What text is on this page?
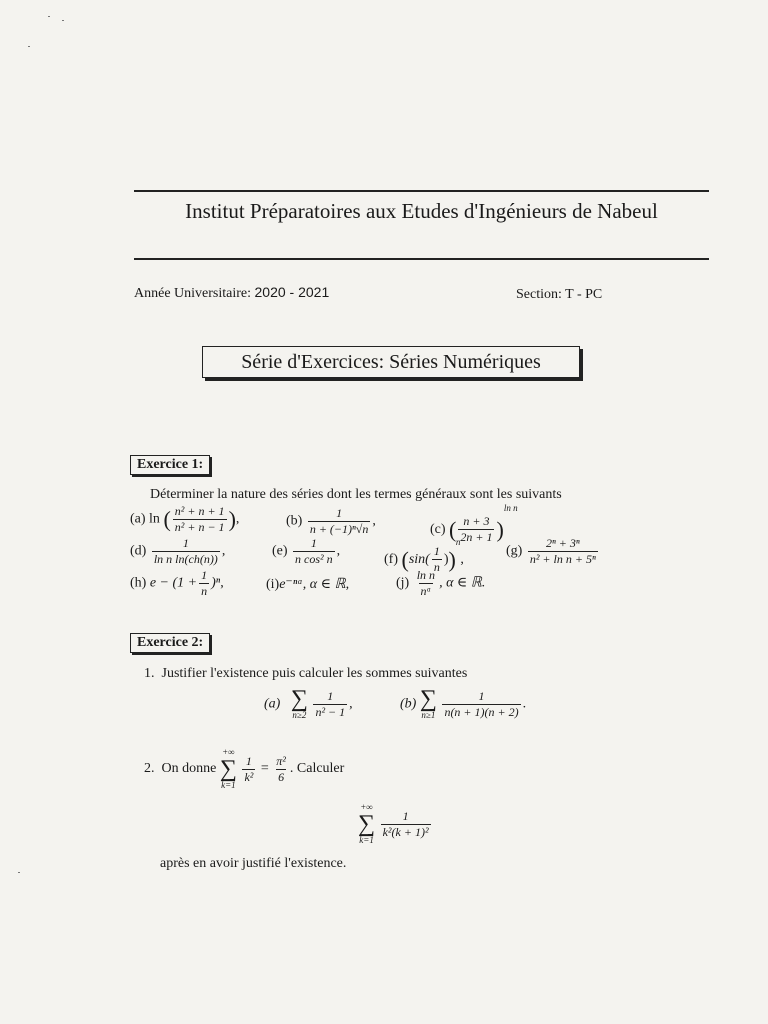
Institut Préparatoires aux Etudes d'Ingénieurs de Nabeul
Année Universitaire: 2020 - 2021	Section: T - PC
Série d'Exercices: Séries Numériques
Exercice 1:
Déterminer la nature des séries dont les termes généraux sont les suivants
(a) ln ( $\frac{\text{n² + n + 1}}{\text{n² + n − 1}}$ ),	$(b) \frac{1}{\text{n + (−1)ⁿ√n}}$ ,
(c) ( $\frac{n + 3}{2n + 1} )^{ln n}$
$(d) \frac{1}{\text{ln n ln(ch(n))}}$ ,	$(e) \frac{1}{\text{n cos² n}}$ ,
(f) $(\sin( \frac{1}{n} ))^n$,
$(g) \frac{\text{2ⁿ + 3ⁿ}}{\text{n² + ln n + 5ⁿ}}$
(h) $e - (1 + \frac{1}{n} )^n$,	(i)e⁻ⁿᵅ, α ∈ ℝ,	$(j) \frac{\text{ln n}}{\text{nᵅ}}$ , α ∈ ℝ.
Exercice 2:
1. Justifier l'existence puis calculer les sommes suivantes
(a) ∑
n≥2
$\frac{1}{\text{n² − 1}}$ ,	(b) ∑
n≥1
$\frac{1}{n(n + 1)(n + 2)}$ .
2. On donne
+∞
∑
k=1

$\frac{1}{\text{k²}} = \frac{\text{π²}}{6}$ . Calculer
+∞
∑
k=1

$\frac{1}{\text{k²(k + 1)²}}$
après en avoir justifié l'existence.
